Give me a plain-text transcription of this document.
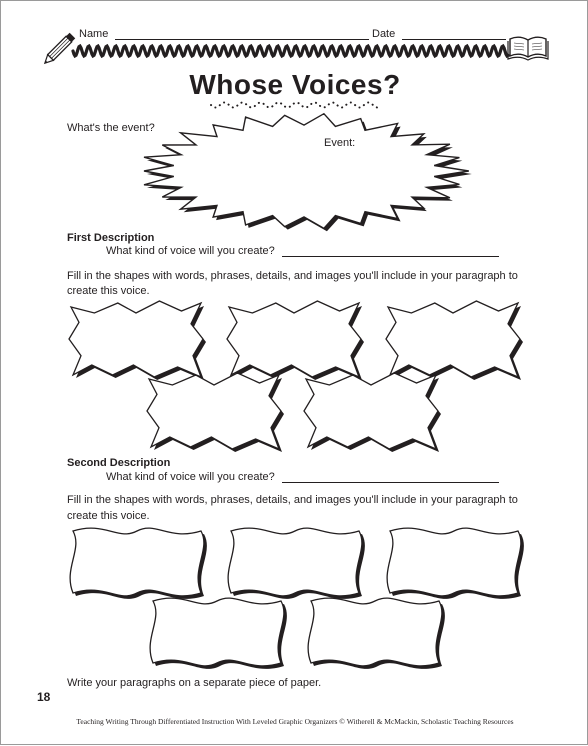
Name	Date
Whose Voices?
What's the event?
Event:
First Description
What kind of voice will you create?
Fill in the shapes with words, phrases, details, and images you'll include in your paragraph to
create this voice.
Second Description
What kind of voice will you create?
Fill in the shapes with words, phrases, details, and images you'll include in your paragraph to
create this voice.
Write your paragraphs on a separate piece of paper.
18
Teaching Writing Through Differentiated Instruction With Leveled Graphic Organizers © Witherell & McMackin, Scholastic Teaching Resources
